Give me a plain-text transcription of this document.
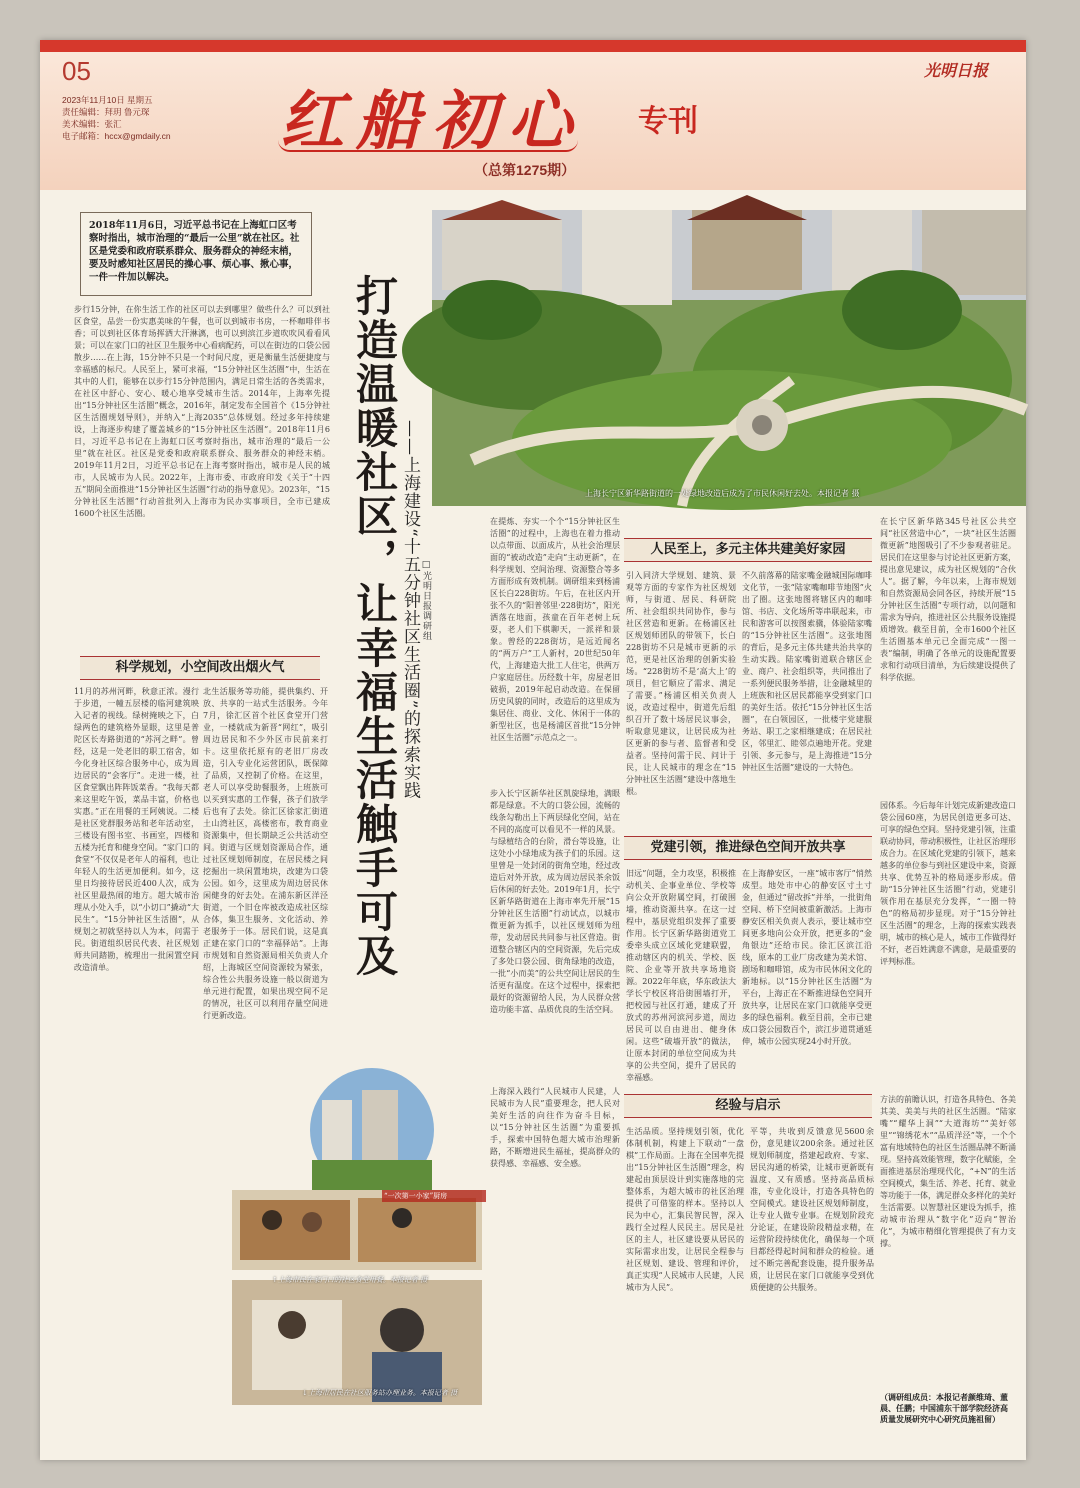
05
2023年11月10日 星期五
责任编辑：拜玥 鲁元琛
美术编辑：张汇
电子邮箱：hccx@gmdaily.cn 红船初心 专刊
（总第1275期）
光明日报
2018年11月6日，习近平总书记在上海虹口区考察时指出，城市治理的“最后一公里”就在社区。社区是党委和政府联系群众、服务群众的神经末梢，要及时感知社区居民的操心事、烦心事、揪心事，一件一件加以解决。
步行15分钟，在你生活工作的社区可以去到哪里？做些什么？可以到社区食堂，品尝一份实惠美味的午餐，也可以到城市书房，一杯咖啡伴书香；可以到社区体育场挥洒大汗淋漓，也可以到滨江步道吹吹风看看风景；可以在家门口的社区卫生服务中心看病配药，可以在街边的口袋公园散步……在上海，15分钟不只是一个时间尺度，更是衡量生活便捷度与幸福感的标尺。人民至上，紧可求福，“15分钟社区生活圈”中，生活在其中的人们，能够在以步行15分钟范围内，满足日常生活的各类需求，在社区中舒心、安心、暖心地享受城市生活。2014年，上海率先提出“15分钟社区生活圈”概念，2016年，制定发布全国首个《15分钟社区生活圈规划导则》，并纳入“上海2035”总体规划。经过多年持续建设，上海逐步构建了覆盖城乡的“15分钟社区生活圈”。2018年11月6日，习近平总书记在上海虹口区考察时指出，城市治理的“最后一公里”就在社区。社区是党委和政府联系群众、服务群众的神经末梢。2019年11月2日，习近平总书记在上海考察时指出，城市是人民的城市，人民城市为人民。2022年，上海市委、市政府印发《关于“十四五”期间全面推进“15分钟社区生活圈”行动的指导意见》。2023年，“15分钟社区生活圈”行动首批列入上海市为民办实事项目，全市已建成1600个社区生活圈。	打造温暖社区，让幸福生活触手可及 ——上海建设“十五分钟社区生活圈”的探索实践 □光明日报调研组
上海长宁区新华路街道的一处绿地改造后成为了市民休闲好去处。本报记者 摄
科学规划，小空间改出烟火气
11月的苏州河畔，秋意正浓。漫行于步道，一幢五层楼的临河建筑映入记者的视线。绿树掩映之下，白绿两色的建筑格外显眼，这里是普陀区长寿路街道的“苏河之畔”。曾经，这是一处老旧的职工宿舍，如今化身社区综合服务中心，成为周边居民的“会客厅”。走进一楼，社区食堂飘出阵阵饭菜香。“我每天都来这里吃午饭，菜品丰富，价格也实惠。”正在用餐的王阿姨说。二楼是社区党群服务站和老年活动室，三楼设有图书室、书画室，四楼和五楼为托育和健身空间。“家门口的食堂”不仅仅是老年人的福利，也让年轻人的生活更加便利。如今，这里日均接待居民近400人次，成为社区里最热闹的地方。超大城市治理从小处入手，以“小切口”撬动“大民生”。“15分钟社区生活圈”，从规划之初就坚持以人为本，问需于民。街道组织居民代表、社区规划师共同踏勘，梳理出一批闲置空间改造清单。
北生活服务等功能，提供集约、开放、共享的一站式生活服务。今年7月，徐汇区首个社区食堂开门营业，一楼就成为新晋“网红”，吸引周边居民和不少外区市民前来打卡。这里依托原有的老旧厂房改造，引入专业化运营团队，既保障了品质，又控制了价格。在这里，老人可以享受助餐服务，上班族可以买到实惠的工作餐，孩子们放学后也有了去处。徐汇区徐家汇街道土山湾社区，高楼密布，教育商业资源集中，但长期缺乏公共活动空间。街道与区规划资源局合作，通过社区规划师制度，在居民楼之间挖掘出一块闲置地块，改建为口袋公园。如今，这里成为周边居民休闲健身的好去处。在浦东新区洋泾街道，一个旧仓库被改造成社区综合体，集卫生服务、文化活动、养老服务于一体。居民们说，这是真正建在家门口的“幸福驿站”。上海市规划和自然资源局相关负责人介绍，上海城区空间资源较为紧张，综合性公共服务设施一般以街道为单元进行配置，如果出现空间不足的情况，社区可以利用存量空间进行更新改造。
在提炼、夯实一个个“15分钟社区生活圈”的过程中，上海也在着力推动以点带面、以面成片，从社会治理层面的“被动改造”走向“主动更新”，在科学规划、空间治理、资源整合等多方面形成有效机制。调研组来到杨浦区长白228街坊。午后，在社区内开张不久的“阳普邻里·228街坊”，阳光洒落在地面，孩童在百年老树上玩耍，老人们下棋聊天，一派祥和景象。曾经的228街坊，是远近闻名的“两万户”工人新村，20世纪50年代，上海建造大批工人住宅，供两万户家庭居住。历经数十年，房屋老旧破损，2019年起启动改造。在保留历史风貌的同时，改造后的这里成为集居住、商业、文化、休闲于一体的新型社区，也是杨浦区首批“15分钟社区生活圈”示范点之一。
步入长宁区新华社区凯旋绿地，满眼都是绿意。不大的口袋公园，流畅的线条勾勒出上下两层绿化空间，站在不同的高度可以看见不一样的风景。与绿植结合的台阶，滑台等设施，让这处小小绿地成为孩子们的乐园。这里曾是一处封闭的街角空地，经过改造后对外开放，成为周边居民茶余饭后休闲的好去处。2019年1月，长宁区新华路街道在上海市率先开展“15分钟社区生活圈”行动试点，以城市微更新为抓手，以社区规划师为纽带，发动居民共同参与社区营造。街道整合辖区内的空间资源，先后完成了多处口袋公园、街角绿地的改造，一批“小而美”的公共空间让居民的生活更有温度。在这个过程中，探索把最好的资源留给人民，为人民群众营造功能丰富、品质优良的生活空间。
引入同济大学规划、建筑、景观等方面的专家作为社区规划师，与街道、居民、科研院所、社会组织共同协作，参与社区营造和更新。在杨浦区社区规划师团队的带领下，长白228街坊不只是城市更新的示范，更是社区治理的创新实验场。“228街坊不是‘高大上’的项目，但它顺应了需求、满足了需要。”杨浦区相关负责人说，改造过程中，街道先后组织召开了数十场居民议事会，听取意见建议，让居民成为社区更新的参与者、监督者和受益者。坚持问需于民、问计于民，让人民城市的理念在“15分钟社区生活圈”建设中落地生根。
旧远”问题，全力攻坚，积极推动机关、企事业单位、学校等向公众开放附属空间，打破围墙，推动资源共享。在这一过程中，基层党组织发挥了重要作用。长宁区新华路街道党工委牵头成立区域化党建联盟，推动辖区内的机关、学校、医院、企业等开放共享场地资源。2022年年底，华东政法大学长宁校区将沿街围墙打开，把校园与社区打通，建成了开放式的苏州河滨河步道，周边居民可以自由进出、健身休闲。这些“破墙开放”的做法，让原本封闭的单位空间成为共享的公共空间，提升了居民的幸福感。
人民至上，多元主体共建美好家园
不久前落幕的陆家嘴金融城国际咖啡文化节，一张“陆家嘴咖啡节地图”火出了圈。这张地图将辖区内的咖啡馆、书店、文化场所等串联起来，市民和游客可以按图索骥，体验陆家嘴的“15分钟社区生活圈”。这张地图的背后，是多元主体共建共治共享的生动实践。陆家嘴街道联合辖区企业、商户、社会组织等，共同推出了一系列便民服务举措，让金融城里的上班族和社区居民都能享受到家门口的美好生活。依托“15分钟社区生活圈”，在白领园区，一批楼宇党建服务站、职工之家相继建成；在居民社区，邻里汇、睦邻点遍地开花。党建引领、多元参与，是上海推进“15分钟社区生活圈”建设的一大特色。
党建引领，推进绿色空间开放共享
在上海静安区，一座“城市客厅”悄然成型。地处市中心的静安区寸土寸金，但通过“留改拆”并举，一批街角空间、桥下空间被重新激活。上海市静安区相关负责人表示，要让城市空间更多地向公众开放，把更多的“金角银边”还给市民。徐汇区滨江沿线，原本的工业厂房改建为美术馆、剧场和咖啡馆，成为市民休闲文化的新地标。以“15分钟社区生活圈”为平台，上海正在不断推进绿色空间开放共享，让居民在家门口就能享受更多的绿色福利。截至目前，全市已建成口袋公园数百个，滨江步道贯通延伸，城市公园实现24小时开放。
在长宁区新华路345号社区公共空间“社区营造中心”，一块“社区生活圈微更新”地图吸引了不少参观者驻足。居民们在这里参与讨论社区更新方案，提出意见建议，成为社区规划的“合伙人”。据了解，今年以来，上海市规划和自然资源局会同各区，持续开展“15分钟社区生活圈”专项行动，以问题和需求为导向，推进社区公共服务设施提质增效。截至目前，全市1600个社区生活圈基本单元已全面完成“一图一表”编制，明确了各单元的设施配置要求和行动项目清单，为后续建设提供了科学依据。
园体系。今后每年计划完成新建改造口袋公园60座，为居民创造更多可达、可享的绿色空间。坚持党建引领，注重联动协同，带动积极性，让社区治理形成合力。在区域化党建的引领下，越来越多的单位参与到社区建设中来，资源共享、优势互补的格局逐步形成。借助“15分钟社区生活圈”行动，党建引领作用在基层充分发挥，“一圈一特色”的格局初步显现。对于“15分钟社区生活圈”的理念，上海的探索实践表明，城市的核心是人，城市工作做得好不好，老百姓满意不满意，是最重要的评判标准。
上海深入践行“人民城市人民建，人民城市为人民”重要理念，把人民对美好生活的向往作为奋斗目标，以“15分钟社区生活圈”为重要抓手，探索中国特色超大城市治理新路，不断增进民生福祉，提高群众的获得感、幸福感、安全感。
经验与启示
生活品质。坚持规划引领，优化体制机制，构建上下联动“一盘棋”工作局面。上海在全国率先提出“15分钟社区生活圈”理念，构建起由顶层设计到实施落地的完整体系，为超大城市的社区治理提供了可借鉴的样本。坚持以人民为中心，汇集民智民智，深入践行全过程人民民主。居民是社区的主人，社区建设要从居民的实际需求出发，让居民全程参与社区规划、建设、管理和评价，真正实现“人民城市人民建，人民城市为人民”。
平等，共收到反馈意见5600余份，意见建议200余条。通过社区规划师制度，搭建起政府、专家、居民沟通的桥梁，让城市更新既有温度、又有质感。坚持高品质标准，专业化设计，打造各具特色的空间模式。建设社区规划师制度，让专业人做专业事。在规划阶段充分论证，在建设阶段精益求精，在运营阶段持续优化，确保每一个项目都经得起时间和群众的检验。通过不断完善配套设施，提升服务品质，让居民在家门口就能享受到优质便捷的公共服务。
方法的前瞻认识，打造各具特色、各美其美、美美与共的社区生活圈。“陆家嘴”“耀华上洞”“大道海坊”“美好邻里”“锦绣花木”“品质洋泾”等，一个个富有地域特色的社区生活圈品牌不断涌现。坚持高效能管理，数字化赋能，全面推进基层治理现代化，“+N”的生活空间模式，集生活、养老、托育、就业等功能于一体，满足群众多样化的美好生活需要。以智慧社区建设为抓手，推动城市治理从“数字化”迈向“智治化”，为城市精细化管理提供了有力支撑。
（调研组成员：本报记者颜维琦、董晨、任鹏；中国浦东干部学院经济高质量发展研究中心研究员施祖留）
↑上海市民在家门口的社区食堂用餐。本报记者 摄
“一次第一小家”厨房
↓上海市居民在社区服务站办理业务。本报记者 摄
